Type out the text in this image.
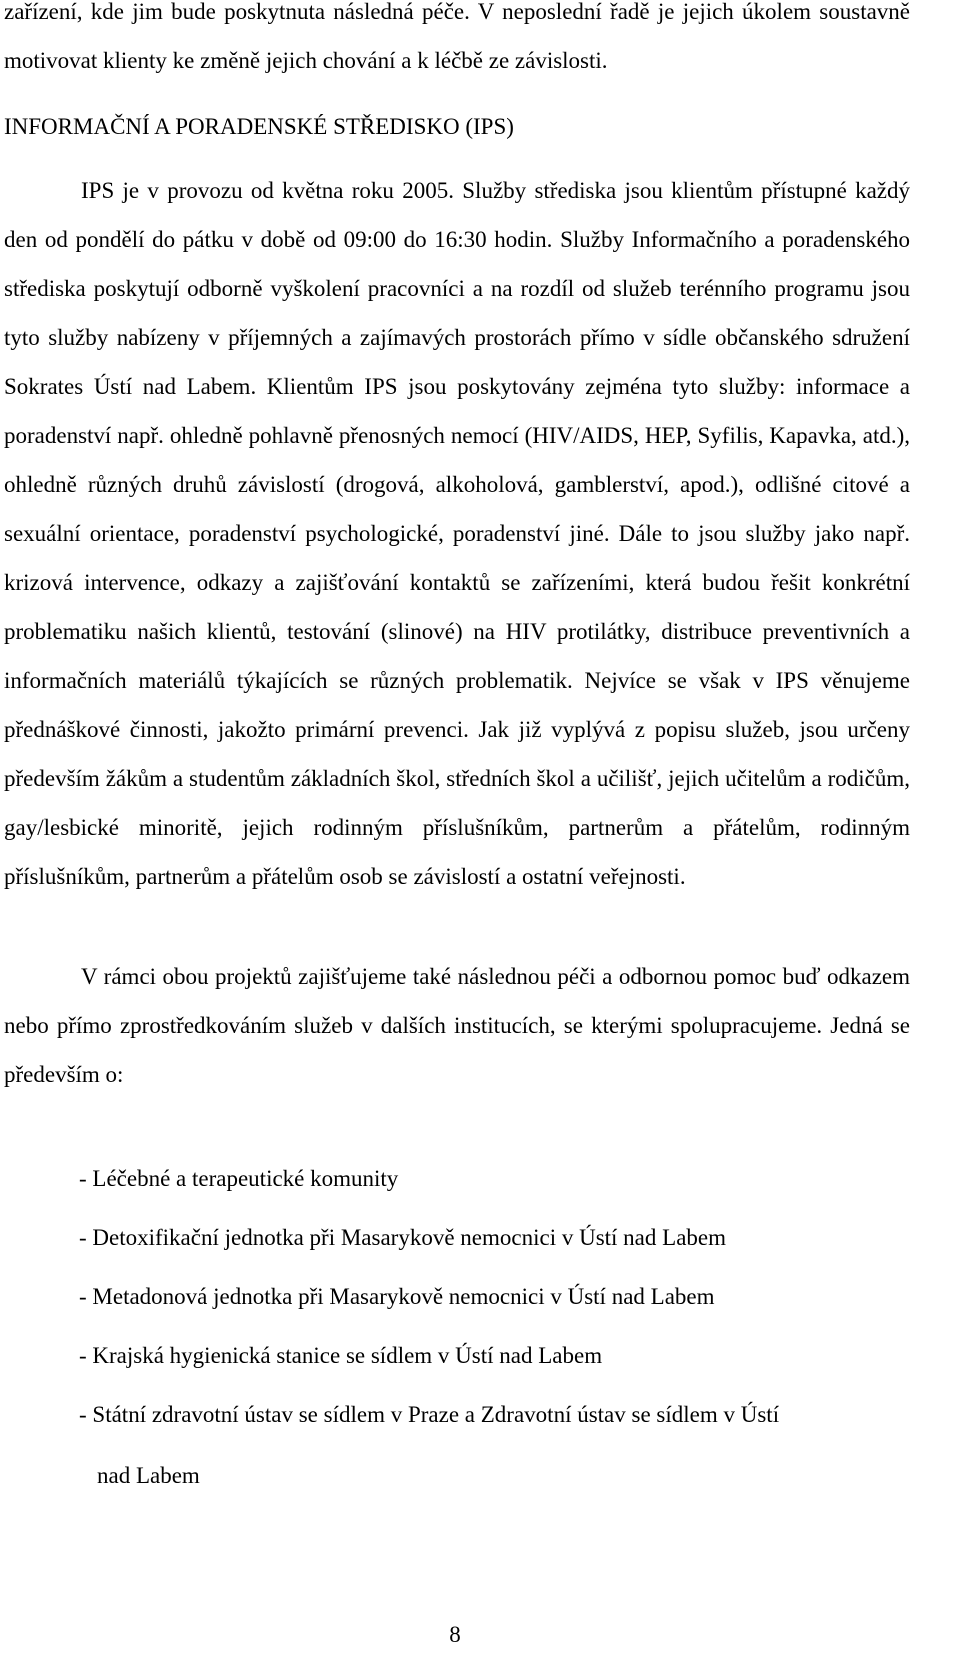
zařízení, kde jim bude poskytnuta následná péče. V neposlední řadě je jejich úkolem soustavně motivovat klienty ke změně jejich chování a k léčbě ze závislosti.

INFORMAČNÍ A PORADENSKÉ STŘEDISKO (IPS)

IPS je v provozu od května roku 2005. Služby střediska jsou klientům přístupné každý den od pondělí do pátku v době od 09:00 do 16:30 hodin. Služby Informačního a poradenského střediska poskytují odborně vyškolení pracovníci a na rozdíl od služeb terénního programu jsou tyto služby nabízeny v příjemných a zajímavých prostorách přímo v sídle občanského sdružení Sokrates Ústí nad Labem. Klientům IPS jsou poskytovány zejména tyto služby: informace a poradenství např. ohledně pohlavně přenosných nemocí (HIV/AIDS, HEP, Syfilis, Kapavka, atd.), ohledně různých druhů závislostí (drogová, alkoholová, gamblerství, apod.), odlišné citové a sexuální orientace, poradenství psychologické, poradenství jiné. Dále to jsou služby jako např. krizová intervence, odkazy a zajišťování kontaktů se zařízeními, která budou řešit konkrétní problematiku našich klientů, testování (slinové) na HIV protilátky, distribuce preventivních a informačních materiálů týkajících se různých problematik. Nejvíce se však v IPS věnujeme přednáškové činnosti, jakožto primární prevenci. Jak již vyplývá z popisu služeb, jsou určeny především žákům a studentům základních škol, středních škol a učilišť, jejich učitelům a rodičům, gay/lesbické minoritě, jejich rodinným příslušníkům, partnerům a přátelům, rodinným příslušníkům, partnerům a přátelům osob se závislostí a ostatní veřejnosti.

V rámci obou projektů zajišťujeme také následnou péči a odbornou pomoc buď odkazem nebo přímo zprostředkováním služeb v dalších institucích, se kterými spolupracujeme. Jedná se především o:

- Léčebné a terapeutické komunity
- Detoxifikační jednotka při Masarykově nemocnici v Ústí nad Labem
- Metadonová jednotka při Masarykově nemocnici v Ústí nad Labem
- Krajská hygienická stanice se sídlem v Ústí nad Labem
- Státní zdravotní ústav se sídlem v Praze a Zdravotní ústav se sídlem v Ústí
nad Labem
8
